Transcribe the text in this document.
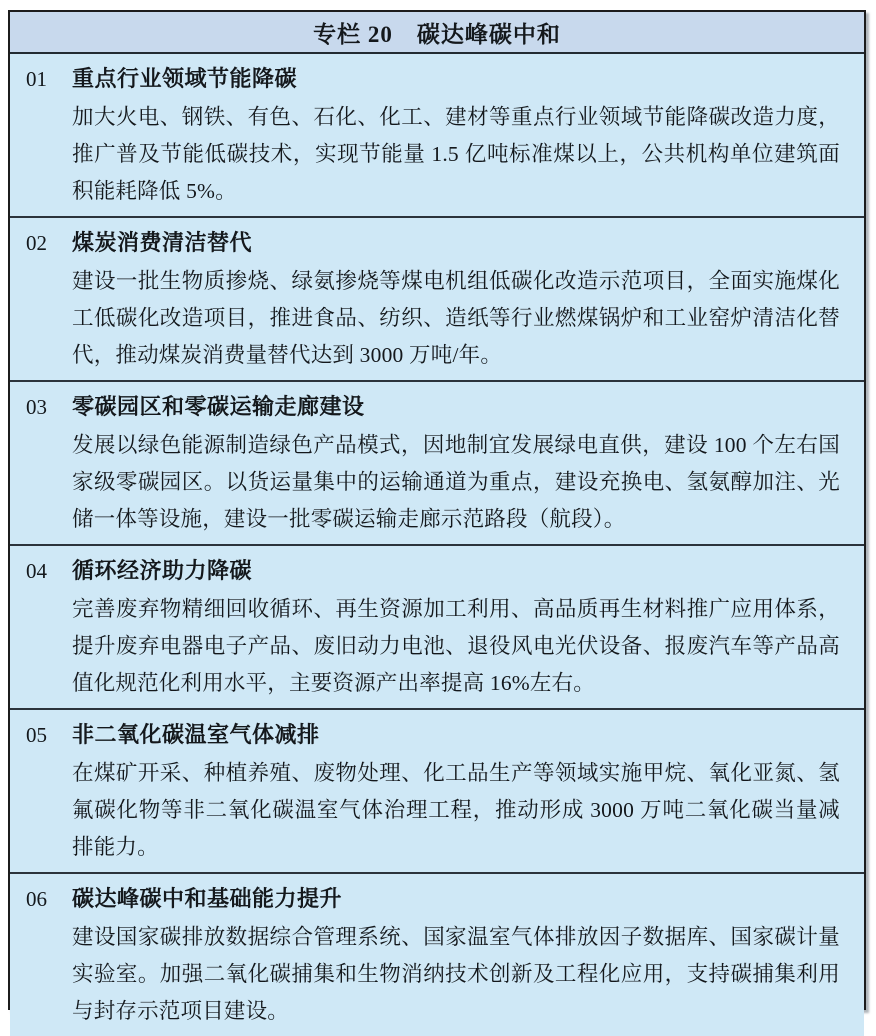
专栏 20 碳达峰碳中和
01	重点行业领域节能降碳

加大火电、钢铁、有色、石化、化工、建材等重点行业领域节能降碳改造力度，推广普及节能低碳技术，实现节能量 1.5 亿吨标准煤以上，公共机构单位建筑面积能耗降低 5%。

02	煤炭消费清洁替代

建设一批生物质掺烧、绿氨掺烧等煤电机组低碳化改造示范项目，全面实施煤化工低碳化改造项目，推进食品、纺织、造纸等行业燃煤锅炉和工业窑炉清洁化替代，推动煤炭消费量替代达到 3000 万吨/年。

03	零碳园区和零碳运输走廊建设

发展以绿色能源制造绿色产品模式，因地制宜发展绿电直供，建设 100 个左右国家级零碳园区。以货运量集中的运输通道为重点，建设充换电、氢氨醇加注、光储一体等设施，建设一批零碳运输走廊示范路段（航段）。

04	循环经济助力降碳

完善废弃物精细回收循环、再生资源加工利用、高品质再生材料推广应用体系，提升废弃电器电子产品、废旧动力电池、退役风电光伏设备、报废汽车等产品高值化规范化利用水平，主要资源产出率提高 16%左右。

05	非二氧化碳温室气体减排

在煤矿开采、种植养殖、废物处理、化工品生产等领域实施甲烷、氧化亚氮、氢氟碳化物等非二氧化碳温室气体治理工程，推动形成 3000 万吨二氧化碳当量减排能力。

06	碳达峰碳中和基础能力提升

建设国家碳排放数据综合管理系统、国家温室气体排放因子数据库、国家碳计量实验室。加强二氧化碳捕集和生物消纳技术创新及工程化应用，支持碳捕集利用与封存示范项目建设。
